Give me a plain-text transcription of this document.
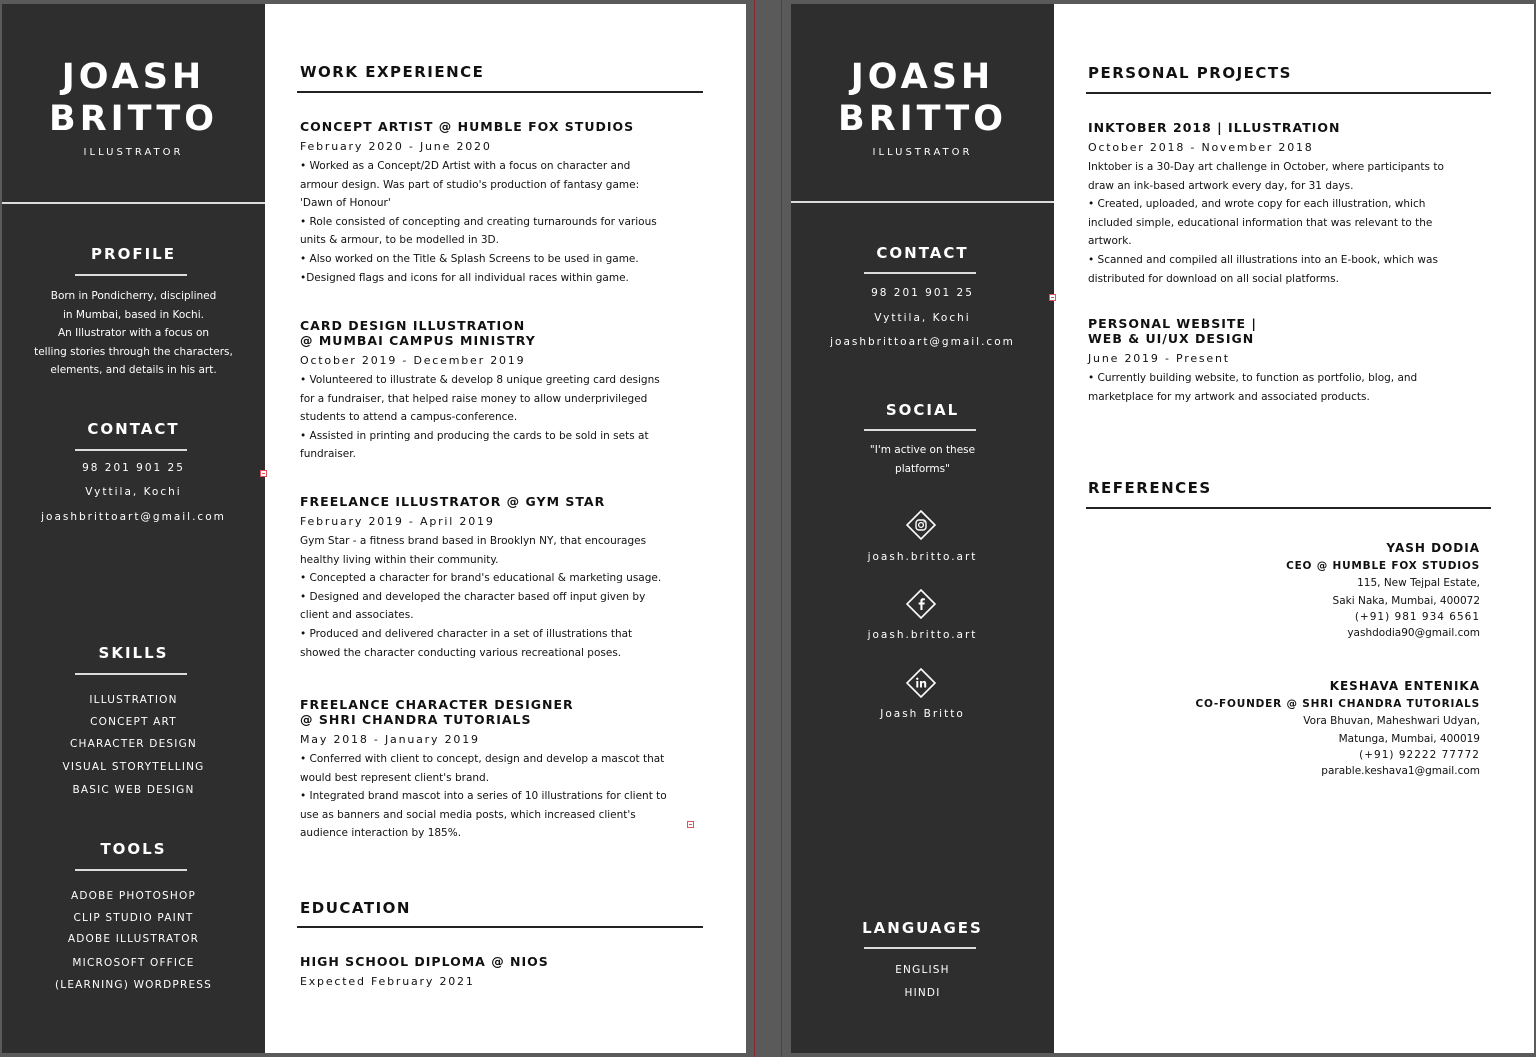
JOASH
BRITTO
ILLUSTRATOR
PROFILE
Born in Pondicherry, disciplined
in Mumbai, based in Kochi.
An Illustrator with a focus on
telling stories through the characters,
elements, and details in his art.
CONTACT
98 201 901 25
Vyttila, Kochi
joashbrittoart@gmail.com
SKILLS
ILLUSTRATION
CONCEPT ART
CHARACTER DESIGN
VISUAL STORYTELLING
BASIC WEB DESIGN
TOOLS
ADOBE PHOTOSHOP
CLIP STUDIO PAINT
ADOBE ILLUSTRATOR
MICROSOFT OFFICE
(LEARNING) WORDPRESS
WORK EXPERIENCE
CONCEPT ARTIST @ HUMBLE FOX STUDIOS
February 2020 - June 2020
• Worked as a Concept/2D Artist with a focus on character and
armour design. Was part of studio's production of fantasy game:
'Dawn of Honour'
• Role consisted of concepting and creating turnarounds for various
units & armour, to be modelled in 3D.
• Also worked on the Title & Splash Screens to be used in game.
•Designed flags and icons for all individual races within game.
CARD DESIGN ILLUSTRATION
@ MUMBAI CAMPUS MINISTRY
October 2019 - December 2019
• Volunteered to illustrate & develop 8 unique greeting card designs
for a fundraiser, that helped raise money to allow underprivileged
students to attend a campus-conference.
• Assisted in printing and producing the cards to be sold in sets at
fundraiser.
FREELANCE ILLUSTRATOR @ GYM STAR
February 2019 - April 2019
Gym Star - a fitness brand based in Brooklyn NY, that encourages
healthy living within their community.
• Concepted a character for brand's educational & marketing usage.
• Designed and developed the character based off input given by
client and associates.
• Produced and delivered character in a set of illustrations that
showed the character conducting various recreational poses.
FREELANCE CHARACTER DESIGNER
@ SHRI CHANDRA TUTORIALS
May 2018 - January 2019
• Conferred with client to concept, design and develop a mascot that
would best represent client's brand.
• Integrated brand mascot into a series of 10 illustrations for client to
use as banners and social media posts, which increased client's
audience interaction by 185%.
EDUCATION
HIGH SCHOOL DIPLOMA @ NIOS
Expected February 2021
JOASH
BRITTO
ILLUSTRATOR
CONTACT
98 201 901 25
Vyttila, Kochi
joashbrittoart@gmail.com
SOCIAL
"I'm active on these
platforms"
joash.britto.art
joash.britto.art
Joash Britto
LANGUAGES
ENGLISH
HINDI
PERSONAL PROJECTS
INKTOBER 2018 | ILLUSTRATION
October 2018 - November 2018
Inktober is a 30-Day art challenge in October, where participants to
draw an ink-based artwork every day, for 31 days.
• Created, uploaded, and wrote copy for each illustration, which
included simple, educational information that was relevant to the
artwork.
• Scanned and compiled all illustrations into an E-book, which was
distributed for download on all social platforms.
PERSONAL WEBSITE |
WEB & UI/UX DESIGN
June 2019 - Present
• Currently building website, to function as portfolio, blog, and
marketplace for my artwork and associated products.
REFERENCES
YASH DODIA
CEO @ HUMBLE FOX STUDIOS
115, New Tejpal Estate,
Saki Naka, Mumbai, 400072
(+91) 981 934 6561
yashdodia90@gmail.com
KESHAVA ENTENIKA
CO-FOUNDER @ SHRI CHANDRA TUTORIALS
Vora Bhuvan, Maheshwari Udyan,
Matunga, Mumbai, 400019
(+91) 92222 77772
parable.keshava1@gmail.com
